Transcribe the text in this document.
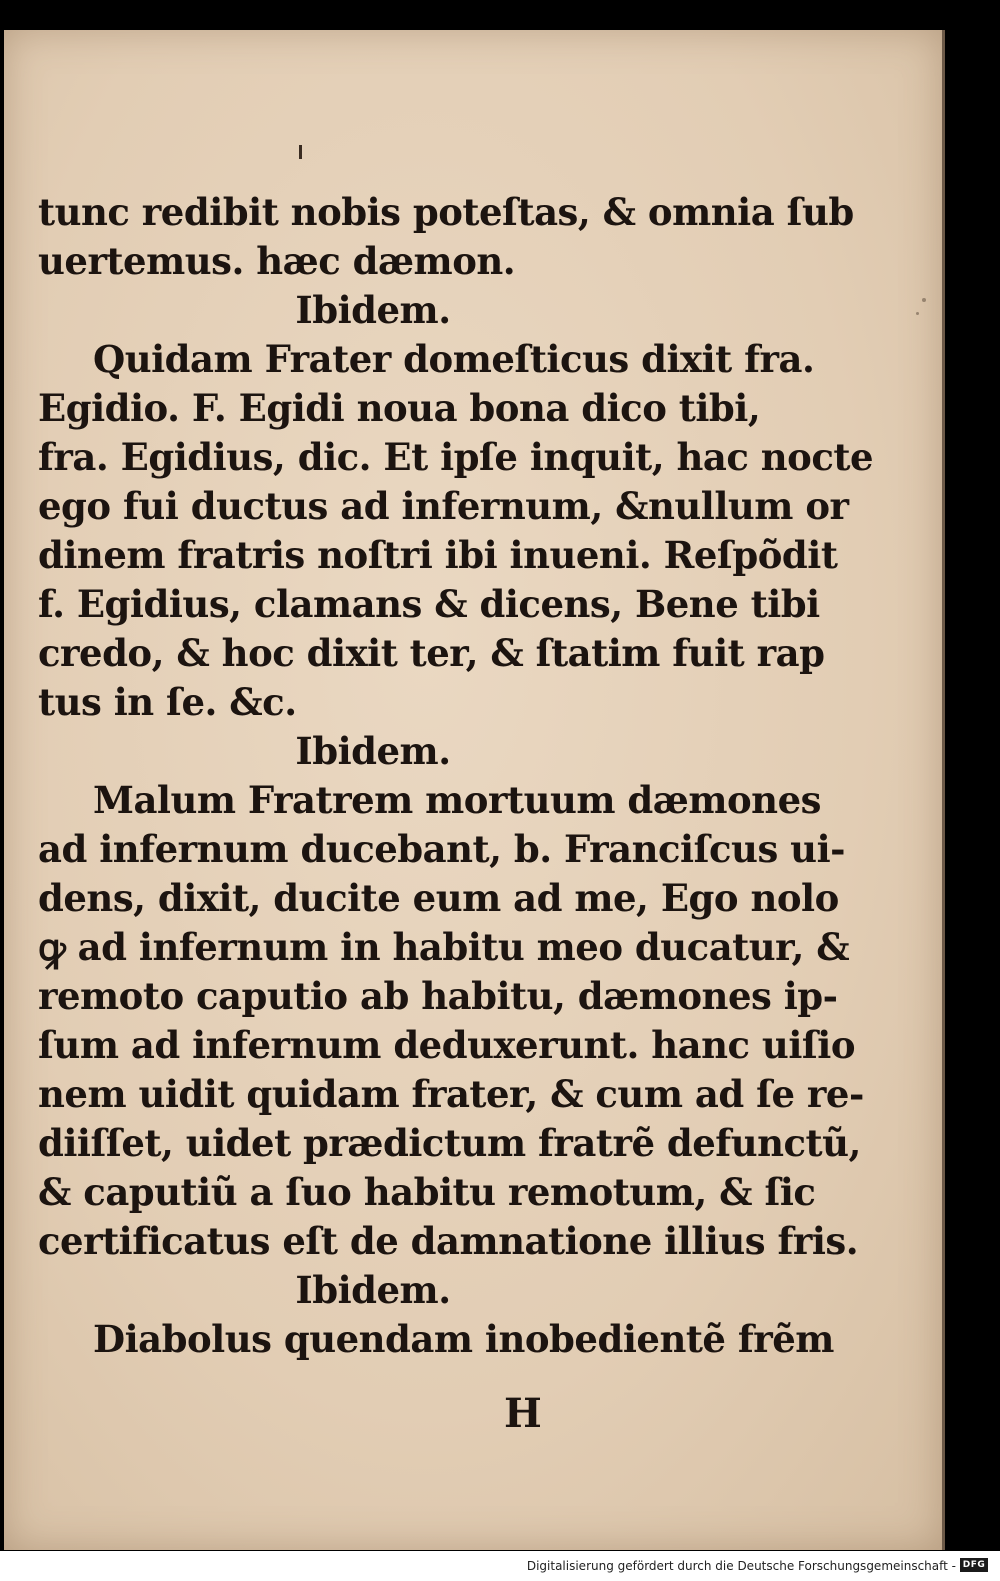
tunc redibit nobis poteſtas, & omnia ſub
uertemus. hæc dæmon.
Ibidem.
Quidam Frater domeſticus dixit fra.
Egidio. F. Egidi noua bona dico tibi,
fra. Egidius, dic. Et ipſe inquit, hac nocte
ego fui ductus ad infernum, &nullum or
dinem fratris noſtri ibi inueni. Reſpõdit
f. Egidius, clamans & dicens, Bene tibi
credo, & hoc dixit ter, & ſtatim fuit rap
tus in ſe. &c.
Ibidem.
Malum Fratrem mortuum dæmones
ad infernum ducebant, b. Franciſcus ui-
dens, dixit, ducite eum ad me, Ego nolo
ꝙ ad infernum in habitu meo ducatur, &
remoto caputio ab habitu, dæmones ip-
ſum ad infernum deduxerunt. hanc uiſio
nem uidit quidam frater, & cum ad ſe re-
diiſſet, uidet prædictum fratrẽ defunctũ,
& caputiũ a ſuo habitu remotum, & ſic
certificatus eſt de damnatione illius fris.
Ibidem.
Diabolus quendam inobedientẽ frẽm
H
Digitalisierung gefördert durch die Deutsche Forschungsgemeinschaft - DFG
